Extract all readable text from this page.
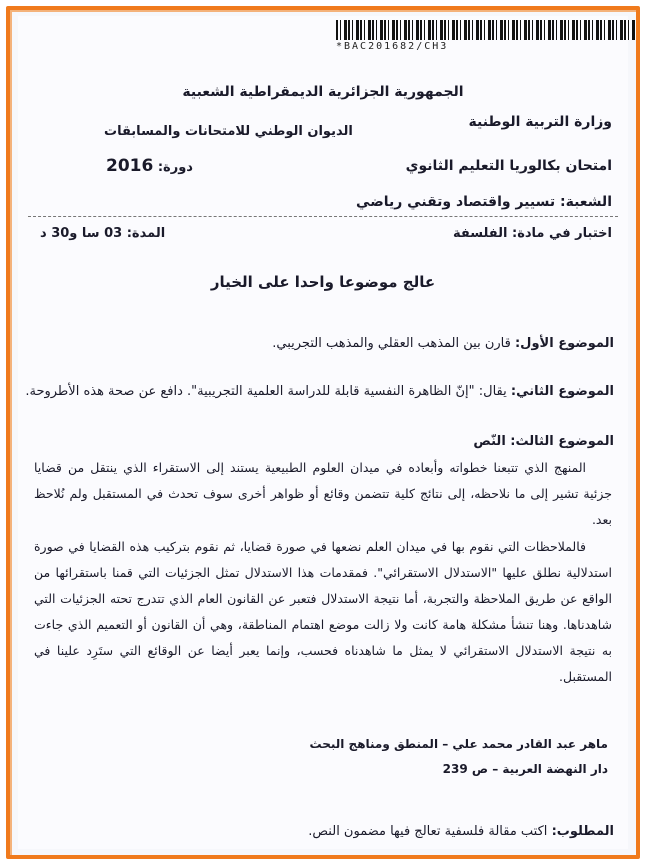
*BAC201682/CH3
الجمهورية الجزائرية الديمقراطية الشعبية
وزارة التربية الوطنية
الديوان الوطني للامتحانات والمسابقات
امتحان بكالوريا التعليم الثانوي
دورة: 2016
الشعبة: تسيير واقتصاد وتقني رياضي
اختبار في مادة: الفلسفة
المدة: 03 سا و30 د
عالج موضوعا واحدا على الخيار
الموضوع الأول: قارن بين المذهب العقلي والمذهب التجريبي.
الموضوع الثاني: يقال: "إنّ الظاهرة النفسية قابلة للدراسة العلمية التجريبية". دافع عن صحة هذه الأطروحة.
الموضوع الثالث: النّص
المنهج الذي تتبعنا خطواته وأبعاده في ميدان العلوم الطبيعية يستند إلى الاستقراء الذي ينتقل من قضايا جزئية تشير إلى ما نلاحظه، إلى نتائج كلية تتضمن وقائع أو ظواهر أخرى سوف تحدث في المستقبل ولم نُلاحظ بعد.
فالملاحظات التي نقوم بها في ميدان العلم نضعها في صورة قضايا، ثم نقوم بتركيب هذه القضايا في صورة استدلالية نطلق عليها "الاستدلال الاستقرائي". فمقدمات هذا الاستدلال تمثل الجزئيات التي قمنا باستقرائها من الواقع عن طريق الملاحظة والتجربة، أما نتيجة الاستدلال فتعبر عن القانون العام الذي تتدرج تحته الجزئيات التي شاهدناها. وهنا تنشأ مشكلة هامة كانت ولا زالت موضع اهتمام المناطقة، وهي أن القانون أو التعميم الذي جاءت به نتيجة الاستدلال الاستقرائي لا يمثل ما شاهدناه فحسب، وإنما يعبر أيضا عن الوقائع التي ستَرِد علينا في المستقبل.
ماهر عبد القادر محمد علي – المنطق ومناهج البحث
دار النهضة العربية – ص 239
المطلوب: اكتب مقالة فلسفية تعالج فيها مضمون النص.
